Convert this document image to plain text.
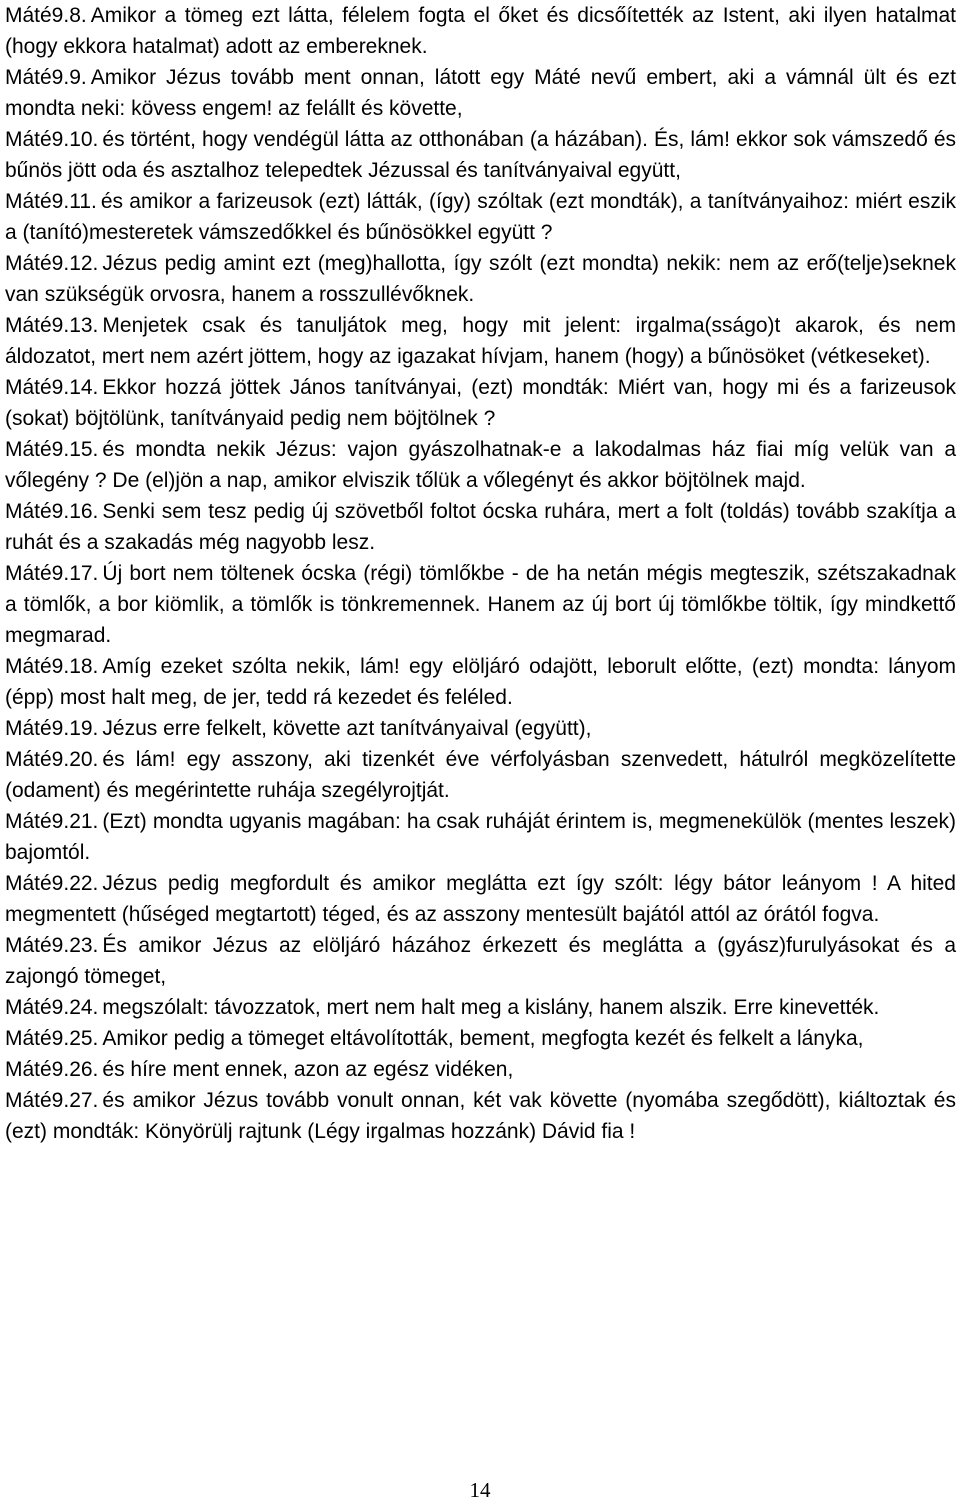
Máté9.8. Amikor a tömeg ezt látta, félelem fogta el őket és dicsőítették az Istent, aki ilyen hatalmat (hogy ekkora hatalmat) adott az embereknek.

Máté9.9. Amikor Jézus tovább ment onnan, látott egy Máté nevű embert, aki a vámnál ült és ezt mondta neki: kövess engem! az felállt és követte,

Máté9.10. és történt, hogy vendégül látta az otthonában (a házában). És, lám! ekkor sok vámszedő és bűnös jött oda és asztalhoz telepedtek Jézussal és tanítványaival együtt,

Máté9.11. és amikor a farizeusok (ezt) látták, (így) szóltak (ezt mondták), a tanítványaihoz: miért eszik a (tanító)mesteretek vámszedőkkel és bűnösökkel együtt ?

Máté9.12. Jézus pedig amint ezt (meg)hallotta, így szólt (ezt mondta) nekik: nem az erő(telje)seknek van szükségük orvosra, hanem a rosszullévőknek.

Máté9.13. Menjetek csak és tanuljátok meg, hogy mit jelent: irgalma(sságo)t akarok, és nem áldozatot, mert nem azért jöttem, hogy az igazakat hívjam, hanem (hogy) a bűnösöket (vétkeseket).

Máté9.14. Ekkor hozzá jöttek János tanítványai, (ezt) mondták: Miért van, hogy mi és a farizeusok (sokat) böjtölünk, tanítványaid pedig nem böjtölnek ?

Máté9.15. és mondta nekik Jézus: vajon gyászolhatnak-e a lakodalmas ház fiai míg velük van a vőlegény ? De (el)jön a nap, amikor elviszik tőlük a vőlegényt és akkor böjtölnek majd.

Máté9.16. Senki sem tesz pedig új szövetből foltot ócska ruhára, mert a folt (toldás) tovább szakítja a ruhát és a szakadás még nagyobb lesz.

Máté9.17. Új bort nem töltenek ócska (régi) tömlőkbe - de ha netán mégis megteszik, szétszakadnak a tömlők, a bor kiömlik, a tömlők is tönkremennek. Hanem az új bort új tömlőkbe töltik, így mindkettő megmarad.

Máté9.18. Amíg ezeket szólta nekik, lám! egy elöljáró odajött, leborult előtte, (ezt) mondta: lányom (épp) most halt meg, de jer, tedd rá kezedet és feléled.

Máté9.19. Jézus erre felkelt, követte azt tanítványaival (együtt),

Máté9.20. és lám! egy asszony, aki tizenkét éve vérfolyásban szenvedett, hátulról megközelítette (odament) és megérintette ruhája szegélyrojtját.

Máté9.21. (Ezt) mondta ugyanis magában: ha csak ruháját érintem is, megmenekülök (mentes leszek) bajomtól.

Máté9.22. Jézus pedig megfordult és amikor meglátta ezt így szólt: légy bátor leányom ! A hited megmentett (hűséged megtartott) téged, és az asszony mentesült bajától attól az órától fogva.

Máté9.23. És amikor Jézus az elöljáró házához érkezett és meglátta a (gyász)furulyásokat és a zajongó tömeget,

Máté9.24. megszólalt: távozzatok, mert nem halt meg a kislány, hanem alszik. Erre kinevették.

Máté9.25. Amikor pedig a tömeget eltávolították, bement, megfogta kezét és felkelt a lányka,

Máté9.26. és híre ment ennek, azon az egész vidéken,

Máté9.27. és amikor Jézus tovább vonult onnan, két vak követte (nyomába szegődött), kiáltoztak és (ezt) mondták: Könyörülj rajtunk (Légy irgalmas hozzánk) Dávid fia !

14
